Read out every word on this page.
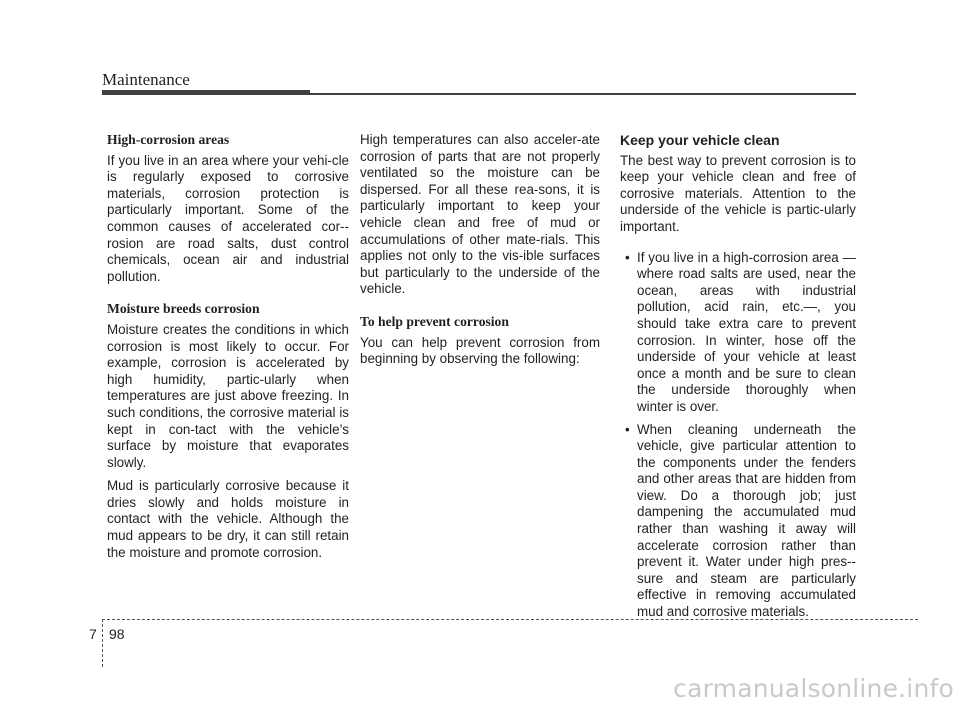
Maintenance
High-corrosion areas

If you live in an area where your vehi-cle is regularly exposed to corrosive materials, corrosion protection is particularly important. Some of the common causes of accelerated cor-rosion are road salts, dust control chemicals, ocean air and industrial pollution.

Moisture breeds corrosion

Moisture creates the conditions in which corrosion is most likely to occur. For example, corrosion is accelerated by high humidity, partic-ularly when temperatures are just above freezing. In such conditions, the corrosive material is kept in con-tact with the vehicle’s surface by moisture that evaporates slowly.

Mud is particularly corrosive because it dries slowly and holds moisture in contact with the vehicle. Although the mud appears to be dry, it can still retain the moisture and promote corrosion.

High temperatures can also acceler-ate corrosion of parts that are not properly ventilated so the moisture can be dispersed. For all these rea-sons, it is particularly important to keep your vehicle clean and free of mud or accumulations of other mate-rials. This applies not only to the vis-ible surfaces but particularly to the underside of the vehicle.

To help prevent corrosion

You can help prevent corrosion from beginning by observing the following:

Keep your vehicle clean

The best way to prevent corrosion is to keep your vehicle clean and free of corrosive materials. Attention to the underside of the vehicle is partic-ularly important.

• If you live in a high-corrosion area — where road salts are used, near the ocean, areas with industrial pollution, acid rain, etc.—, you should take extra care to prevent corrosion. In winter, hose off the underside of your vehicle at least once a month and be sure to clean the underside thoroughly when winter is over.
• When cleaning underneath the vehicle, give particular attention to the components under the fenders and other areas that are hidden from view. Do a thorough job; just dampening the accumulated mud rather than washing it away will accelerate corrosion rather than prevent it. Water under high pres-sure and steam are particularly effective in removing accumulated mud and corrosive materials.
7 98
carmanualsonline.info
